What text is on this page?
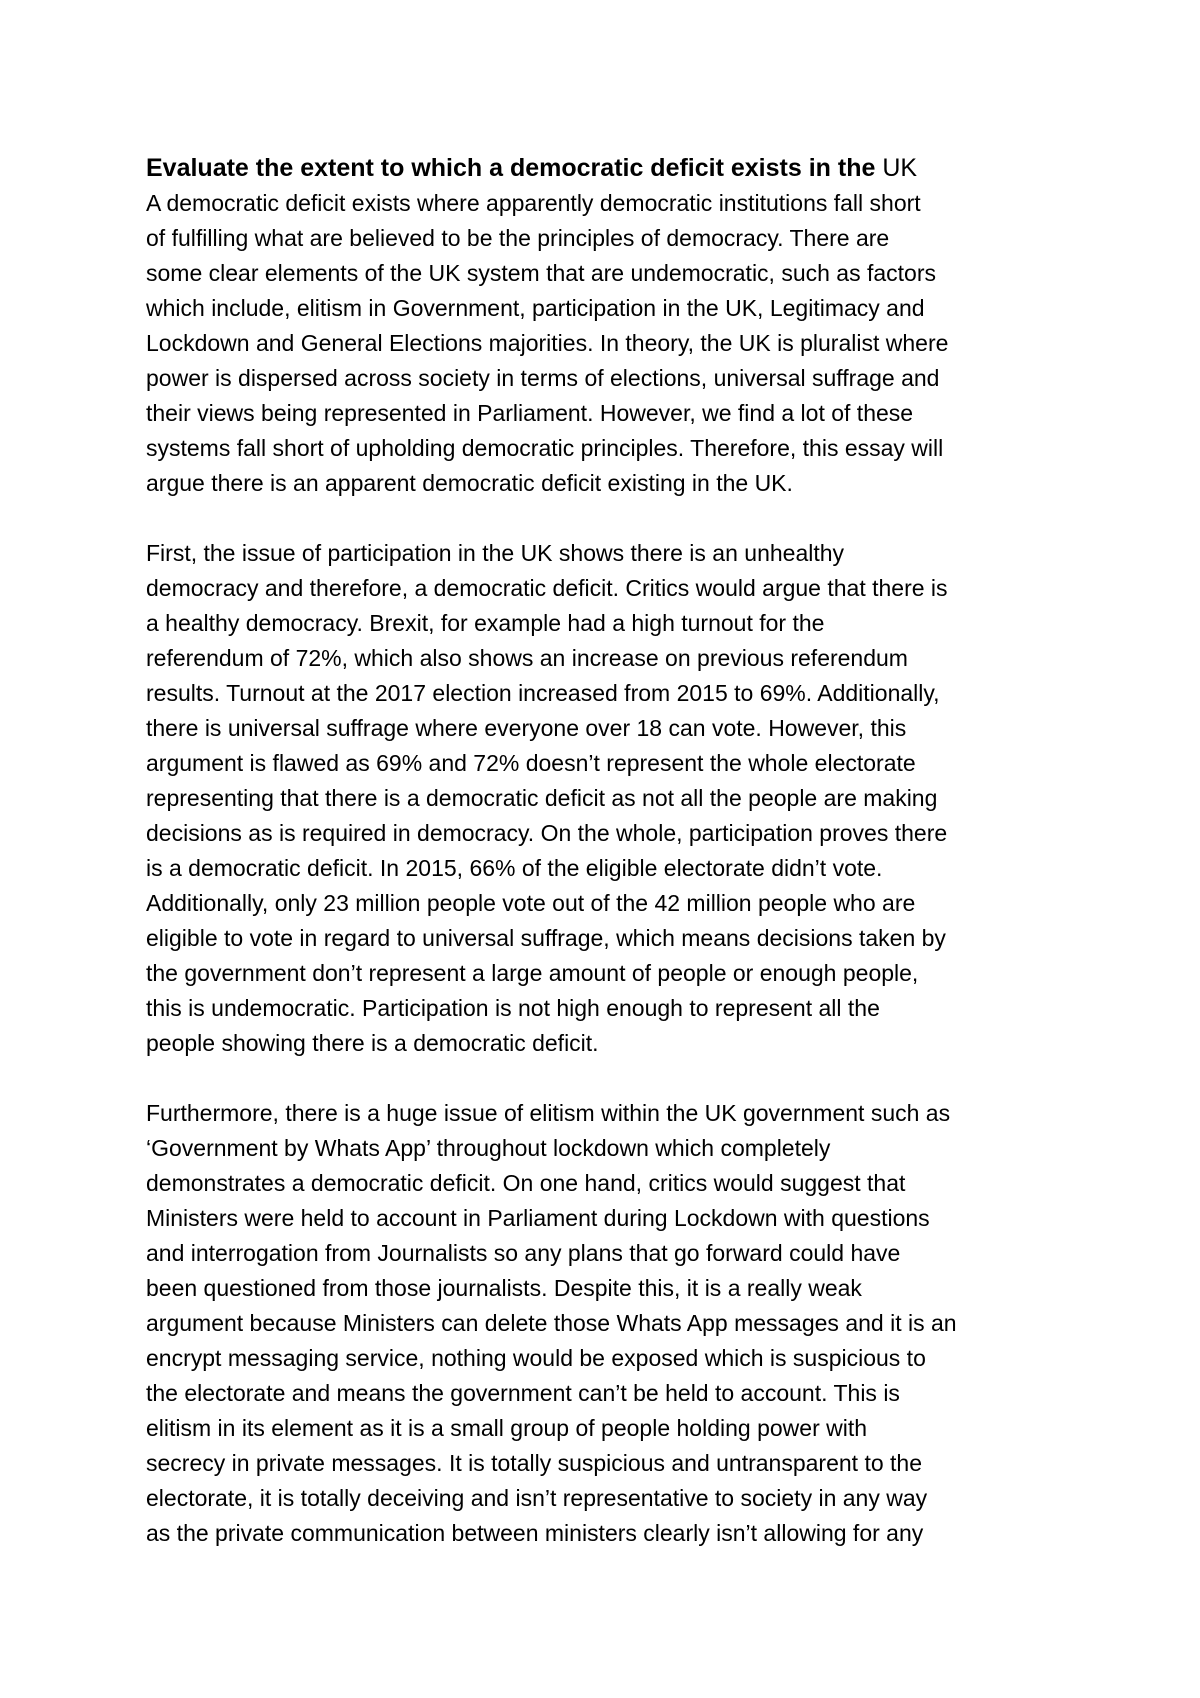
Evaluate the extent to which a democratic deficit exists in the UK

A democratic deficit exists where apparently democratic institutions fall short
of fulfilling what are believed to be the principles of democracy. There are
some clear elements of the UK system that are undemocratic, such as factors
which include, elitism in Government, participation in the UK, Legitimacy and
Lockdown and General Elections majorities. In theory, the UK is pluralist where
power is dispersed across society in terms of elections, universal suffrage and
their views being represented in Parliament. However, we find a lot of these
systems fall short of upholding democratic principles. Therefore, this essay will
argue there is an apparent democratic deficit existing in the UK.

First, the issue of participation in the UK shows there is an unhealthy
democracy and therefore, a democratic deficit. Critics would argue that there is
a healthy democracy. Brexit, for example had a high turnout for the
referendum of 72%, which also shows an increase on previous referendum
results. Turnout at the 2017 election increased from 2015 to 69%. Additionally,
there is universal suffrage where everyone over 18 can vote. However, this
argument is flawed as 69% and 72% doesn’t represent the whole electorate
representing that there is a democratic deficit as not all the people are making
decisions as is required in democracy. On the whole, participation proves there
is a democratic deficit. In 2015, 66% of the eligible electorate didn’t vote.
Additionally, only 23 million people vote out of the 42 million people who are
eligible to vote in regard to universal suffrage, which means decisions taken by
the government don’t represent a large amount of people or enough people,
this is undemocratic. Participation is not high enough to represent all the
people showing there is a democratic deficit.

Furthermore, there is a huge issue of elitism within the UK government such as
‘Government by Whats App’ throughout lockdown which completely
demonstrates a democratic deficit. On one hand, critics would suggest that
Ministers were held to account in Parliament during Lockdown with questions
and interrogation from Journalists so any plans that go forward could have
been questioned from those journalists. Despite this, it is a really weak
argument because Ministers can delete those Whats App messages and it is an
encrypt messaging service, nothing would be exposed which is suspicious to
the electorate and means the government can’t be held to account. This is
elitism in its element as it is a small group of people holding power with
secrecy in private messages. It is totally suspicious and untransparent to the
electorate, it is totally deceiving and isn’t representative to society in any way
as the private communication between ministers clearly isn’t allowing for any
